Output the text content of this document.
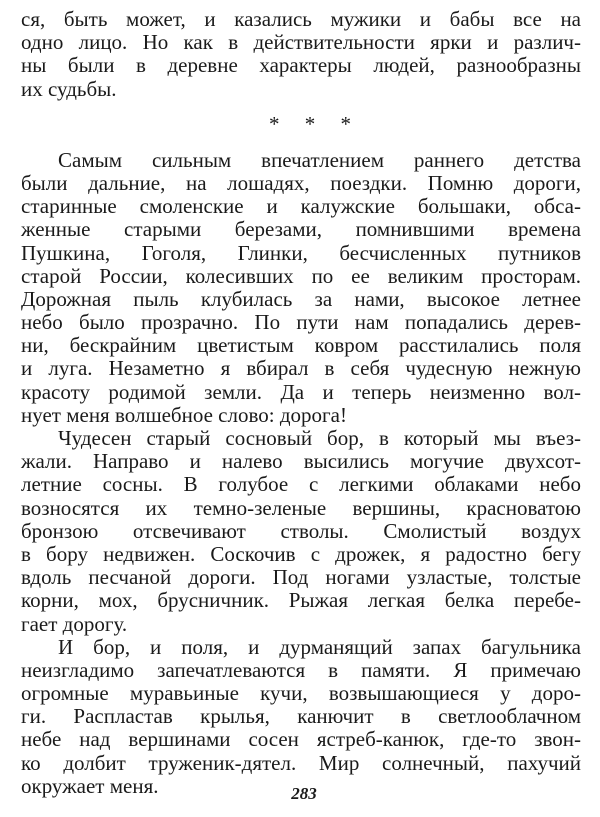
ся, быть может, и казались мужики и бабы все на
одно лицо. Но как в действительности ярки и различ-
ны были в деревне характеры людей, разнообразны
их судьбы.
* * *
Самым сильным впечатлением раннего детства
были дальние, на лошадях, поездки. Помню дороги,
старинные смоленские и калужские большаки, обса-
женные старыми березами, помнившими времена
Пушкина, Гоголя, Глинки, бесчисленных путников
старой России, колесивших по ее великим просторам.
Дорожная пыль клубилась за нами, высокое летнее
небо было прозрачно. По пути нам попадались дерев-
ни, бескрайним цветистым ковром расстилались поля
и луга. Незаметно я вбирал в себя чудесную нежную
красоту родимой земли. Да и теперь неизменно вол-
нует меня волшебное слово: дорога!
Чудесен старый сосновый бор, в который мы въез-
жали. Направо и налево высились могучие двухсот-
летние сосны. В голубое с легкими облаками небо
возносятся их темно-зеленые вершины, красноватою
бронзою отсвечивают стволы. Смолистый воздух
в бору недвижен. Соскочив с дрожек, я радостно бегу
вдоль песчаной дороги. Под ногами узластые, толстые
корни, мох, брусничник. Рыжая легкая белка перебе-
гает дорогу.
И бор, и поля, и дурманящий запах багульника
неизгладимо запечатлеваются в памяти. Я примечаю
огромные муравьиные кучи, возвышающиеся у доро-
ги. Распластав крылья, канючит в светлооблачном
небе над вершинами сосен ястреб-канюк, где-то звон-
ко долбит труженик-дятел. Мир солнечный, пахучий
окружает меня.	283
